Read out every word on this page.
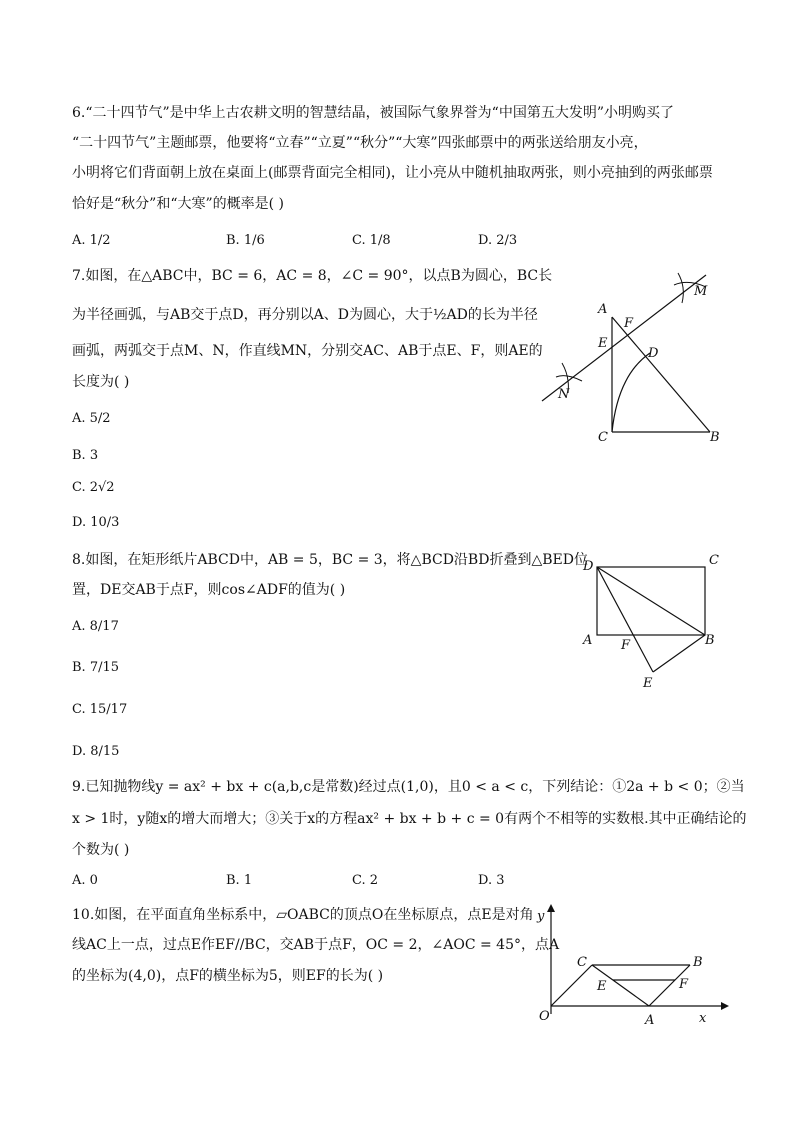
6.“二十四节气”是中华上古农耕文明的智慧结晶，被国际气象界誉为“中国第五大发明”小明购买了
“二十四节气”主题邮票，他要将“立春”“立夏”“秋分”“大寒”四张邮票中的两张送给朋友小亮，
小明将它们背面朝上放在桌面上(邮票背面完全相同)，让小亮从中随机抽取两张，则小亮抽到的两张邮票
恰好是“秋分”和“大寒”的概率是( )
A. 1/2	B. 1/6	C. 1/8	D. 2/3
7.如图，在△ABC中，BC = 6，AC = 8，∠C = 90°，以点B为圆心，BC长
为半径画弧，与AB交于点D，再分别以A、D为圆心，大于½AD的长为半径
画弧，两弧交于点M、N，作直线MN，分别交AC、AB于点E、F，则AE的
长度为( )
A. 5/2
B. 3
C. 2√2
D. 10/3
A
F
E
D
M
N
C	B
8.如图，在矩形纸片ABCD中，AB = 5，BC = 3，将△BCD沿BD折叠到△BED位
置，DE交AB于点F，则cos∠ADF的值为( )
A. 8/17
B. 7/15
C. 15/17
D. 8/15
D	C
A F	B
E
9.已知抛物线y = ax² + bx + c(a,b,c是常数)经过点(1,0)，且0 < a < c，下列结论：①2a + b < 0；②当
x > 1时，y随x的增大而增大；③关于x的方程ax² + bx + b + c = 0有两个不相等的实数根.其中正确结论的
个数为( )
A. 0	B. 1	C. 2	D. 3
10.如图，在平面直角坐标系中，▱OABC的顶点O在坐标原点，点E是对角
线AC上一点，过点E作EF//BC，交AB于点F，OC = 2，∠AOC = 45°，点A
的坐标为(4,0)，点F的横坐标为5，则EF的长为( )
y
C	B
E	F
O	A	x
